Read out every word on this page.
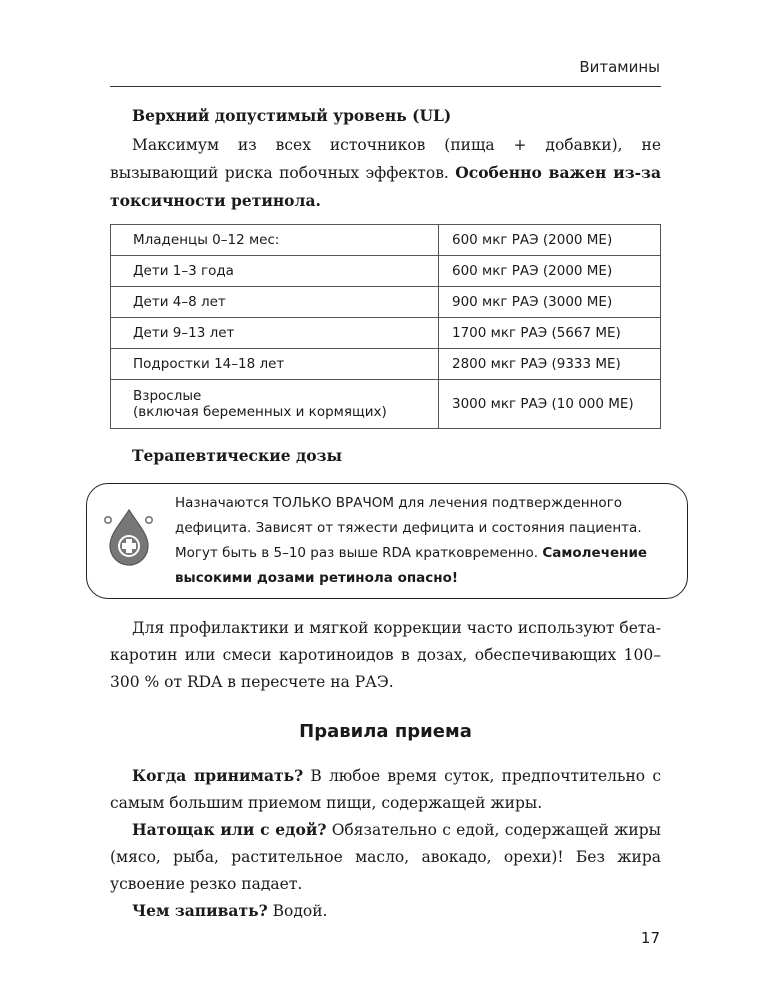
Витамины
Верхний допустимый уровень (UL)

Максимум из всех источников (пища + добавки), не вызывающий риска побочных эффектов. Особенно важен из-за токсичности ретинола.

Младенцы 0–12 мес:	600 мкг РАЭ (2000 МЕ)
Дети 1–3 года	600 мкг РАЭ (2000 МЕ)
Дети 4–8 лет	900 мкг РАЭ (3000 МЕ)
Дети 9–13 лет	1700 мкг РАЭ (5667 МЕ)
Подростки 14–18 лет	2800 мкг РАЭ (9333 МЕ)

Взрослые
(включая беременных и кормящих)	3000 мкг РАЭ (10 000 МЕ)
Терапевтические дозы
Назначаются ТОЛЬКО ВРАЧОМ для лечения подтвержденного дефицита. Зависят от тяжести дефицита и состояния пациента. Могут быть в 5–10 раз выше RDA кратковременно. Самолечение высокими дозами ретинола опасно!

Для профилактики и мягкой коррекции часто используют бета-каротин или смеси каротиноидов в дозах, обеспечивающих 100–300 % от RDA в пересчете на РАЭ.

Правила приема

Когда принимать? В любое время суток, предпочтительно с самым большим приемом пищи, содержащей жиры.

Натощак или с едой? Обязательно с едой, содержащей жиры (мясо, рыба, растительное масло, авокадо, орехи)! Без жира усвоение резко падает.

Чем запивать? Водой.

17
